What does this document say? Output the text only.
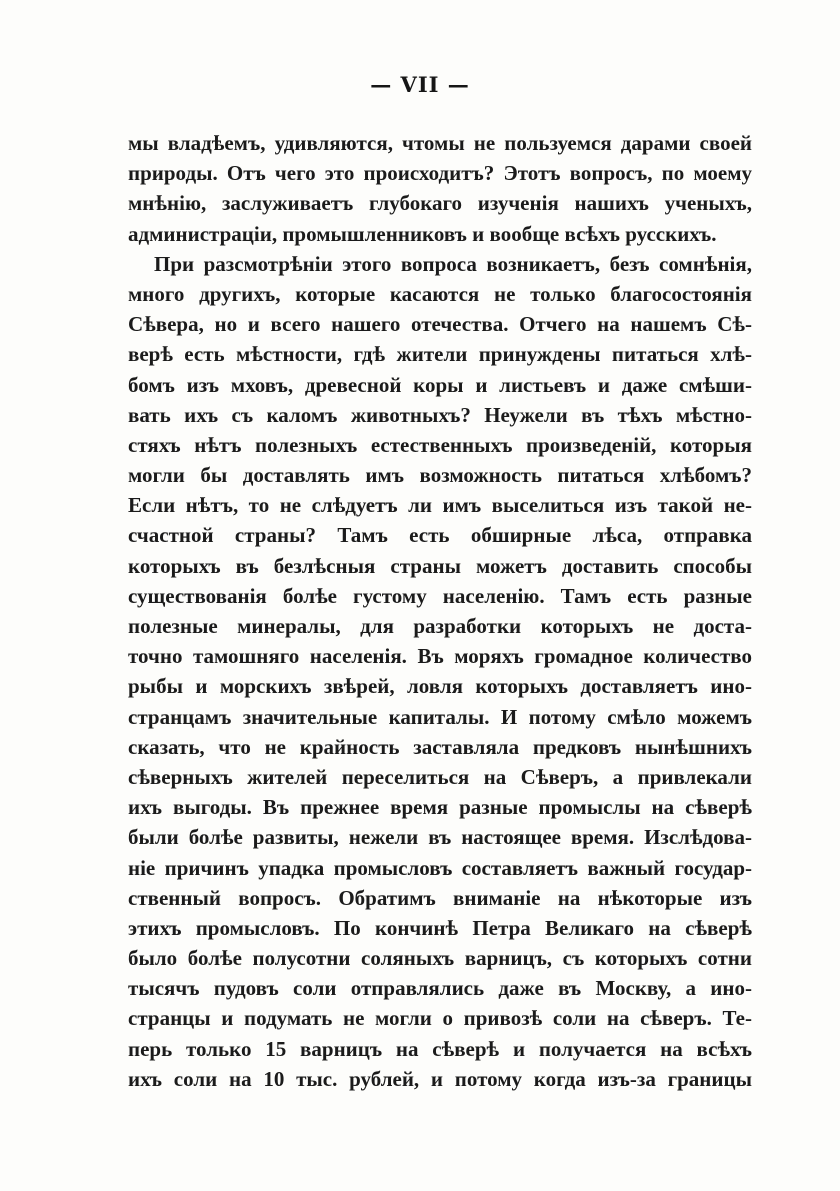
— VII —
мы владѣемъ, удивляются, чтомы не пользуемся дарами своей
природы. Отъ чего это происходитъ? Этотъ вопросъ, по моему
мнѣнію, заслуживаетъ глубокаго изученія нашихъ ученыхъ,
администраціи, промышленниковъ и вообще всѣхъ русскихъ.
При разсмотрѣніи этого вопроса возникаетъ, безъ сомнѣнія,
много другихъ, которые касаются не только благосостоянія
Сѣвера, но и всего нашего отечества. Отчего на нашемъ Сѣ-
верѣ есть мѣстности, гдѣ жители принуждены питаться хлѣ-
бомъ изъ мховъ, древесной коры и листьевъ и даже смѣши-
вать ихъ съ каломъ животныхъ? Неужели въ тѣхъ мѣстно-
стяхъ нѣтъ полезныхъ естественныхъ произведеній, которыя
могли бы доставлять имъ возможность питаться хлѣбомъ?
Если нѣтъ, то не слѣдуетъ ли имъ выселиться изъ такой не-
счастной страны? Тамъ есть обширные лѣса, отправка
которыхъ въ безлѣсныя страны можетъ доставить способы
существованія болѣе густому населенію. Тамъ есть разные
полезные минералы, для разработки которыхъ не доста-
точно тамошняго населенія. Въ моряхъ громадное количество
рыбы и морскихъ звѣрей, ловля которыхъ доставляетъ ино-
странцамъ значительные капиталы. И потому смѣло можемъ
сказать, что не крайность заставляла предковъ нынѣшнихъ
сѣверныхъ жителей переселиться на Сѣверъ, а привлекали
ихъ выгоды. Въ прежнее время разные промыслы на сѣверѣ
были болѣе развиты, нежели въ настоящее время. Изслѣдова-
ніе причинъ упадка промысловъ составляетъ важный государ-
ственный вопросъ. Обратимъ вниманіе на нѣкоторые изъ
этихъ промысловъ. По кончинѣ Петра Великаго на сѣверѣ
было болѣе полусотни соляныхъ варницъ, съ которыхъ сотни
тысячъ пудовъ соли отправлялись даже въ Москву, а ино-
странцы и подумать не могли о привозѣ соли на сѣверъ. Те-
перь только 15 варницъ на сѣверѣ и получается на всѣхъ
ихъ соли на 10 тыс. рублей, и потому когда изъ-за границы
